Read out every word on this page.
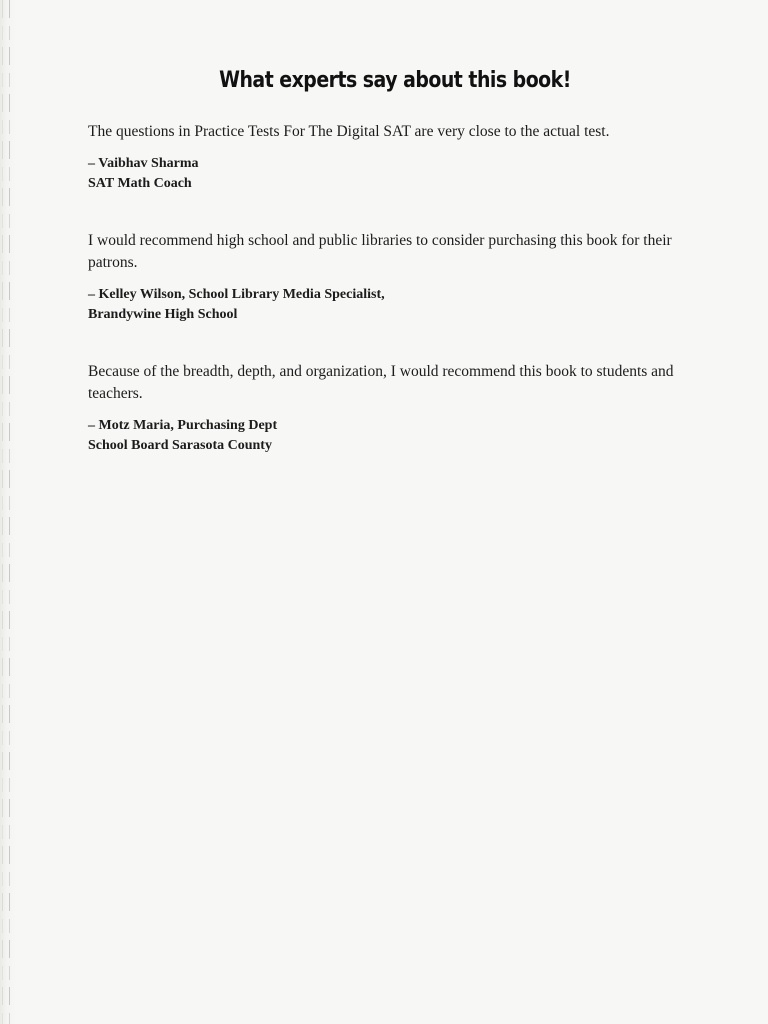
What experts say about this book!

The questions in Practice Tests For The Digital SAT are very close to the actual test.

– Vaibhav Sharma
SAT Math Coach

I would recommend high school and public libraries to consider purchasing this book for their patrons.

– Kelley Wilson, School Library Media Specialist,
Brandywine High School

Because of the breadth, depth, and organization, I would recommend this book to students and teachers.

– Motz Maria, Purchasing Dept
School Board Sarasota County
